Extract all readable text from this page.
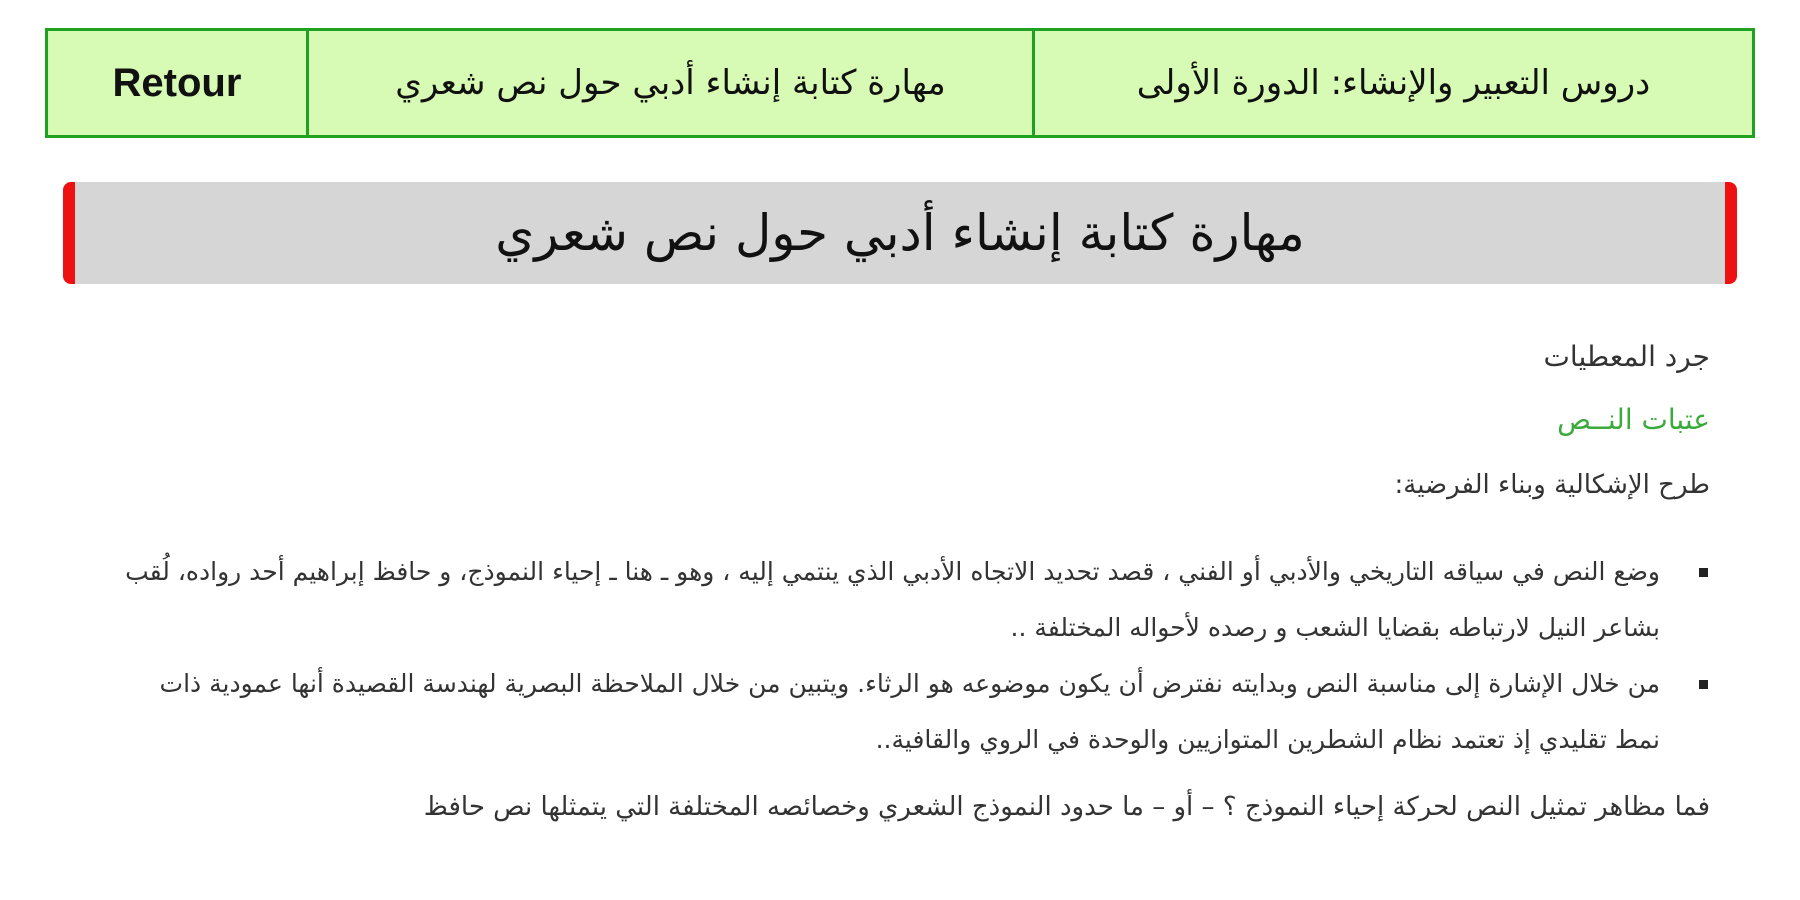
Retour	مهارة كتابة إنشاء أدبي حول نص شعري	دروس التعبير والإنشاء: الدورة الأولى
مهارة كتابة إنشاء أدبي حول نص شعري

جرد المعطيات

عتبات النــص

طرح الإشكالية وبناء الفرضية:

وضع النص في سياقه التاريخي والأدبي أو الفني ، قصد تحديد الاتجاه الأدبي الذي ينتمي إليه ، وهو ـ هنا ـ إحياء النموذج، و حافظ إبراهيم أحد رواده، لُقب بشاعر النيل لارتباطه بقضايا الشعب و رصده لأحواله المختلفة ..
من خلال الإشارة إلى مناسبة النص وبدايته نفترض أن يكون موضوعه هو الرثاء. ويتبين من خلال الملاحظة البصرية لهندسة القصيدة أنها عمودية ذات نمط تقليدي إذ تعتمد نظام الشطرين المتوازيين والوحدة في الروي والقافية..

فما مظاهر تمثيل النص لحركة إحياء النموذج ؟ – أو – ما حدود النموذج الشعري وخصائصه المختلفة التي يتمثلها نص حافظ
